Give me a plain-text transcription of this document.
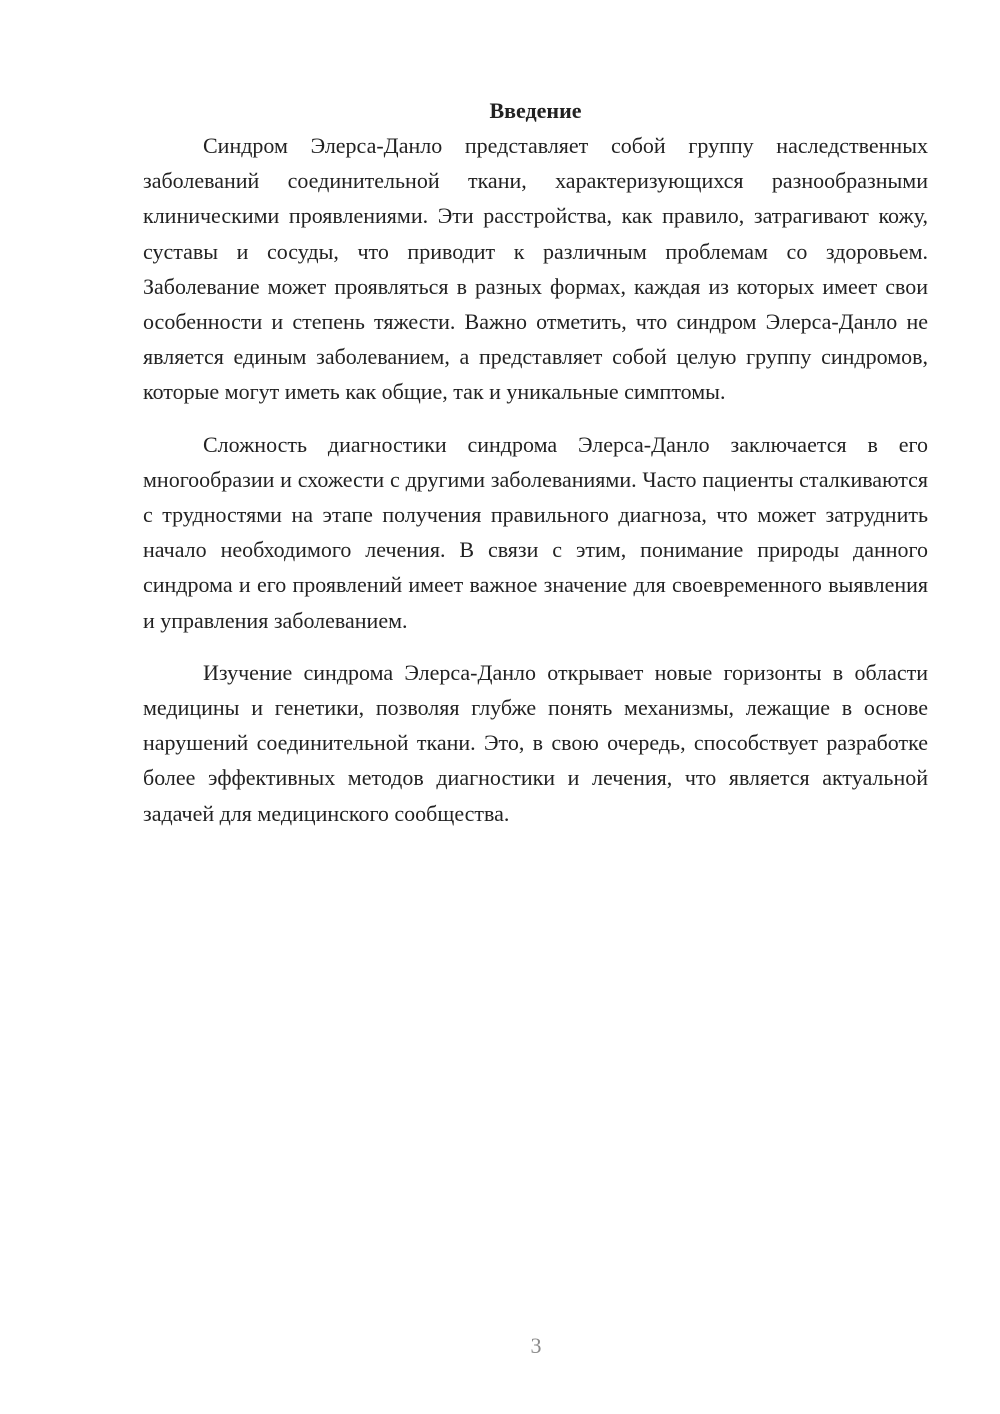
Введение

Синдром Элерса-Данло представляет собой группу наследственных заболеваний соединительной ткани, характеризующихся разнообразными клиническими проявлениями. Эти расстройства, как правило, затрагивают кожу, суставы и сосуды, что приводит к различным проблемам со здоровьем. Заболевание может проявляться в разных формах, каждая из которых имеет свои особенности и степень тяжести. Важно отметить, что синдром Элерса-Данло не является единым заболеванием, а представляет собой целую группу синдромов, которые могут иметь как общие, так и уникальные симптомы.

Сложность диагностики синдрома Элерса-Данло заключается в его многообразии и схожести с другими заболеваниями. Часто пациенты сталкиваются с трудностями на этапе получения правильного диагноза, что может затруднить начало необходимого лечения. В связи с этим, понимание природы данного синдрома и его проявлений имеет важное значение для своевременного выявления и управления заболеванием.

Изучение синдрома Элерса-Данло открывает новые горизонты в области медицины и генетики, позволяя глубже понять механизмы, лежащие в основе нарушений соединительной ткани. Это, в свою очередь, способствует разработке более эффективных методов диагностики и лечения, что является актуальной задачей для медицинского сообщества.

3
